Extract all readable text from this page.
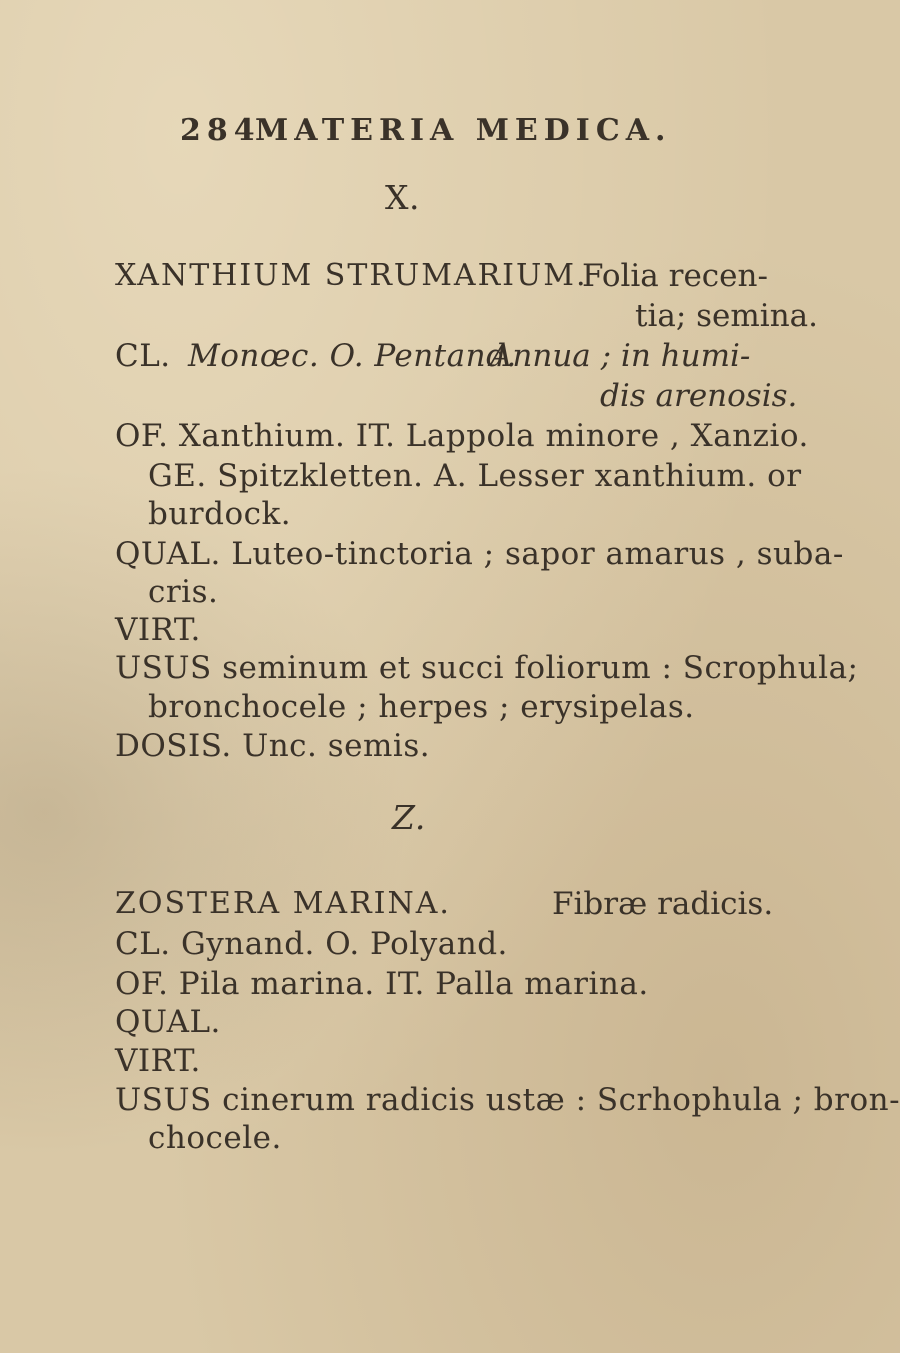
284
MATERIA MEDICA.
X.
XANTHIUM STRUMARIUM.
Folia recen-
tia; semina.
CL. Monœc. O. Pentand.
Annua ; in humi-
dis arenosis.
OF. Xanthium. IT. Lappola minore , Xanzio.
GE. Spitzkletten. A. Lesser xanthium. or
burdock.
QUAL. Luteo-tinctoria ; sapor amarus , suba-
cris.
VIRT.
USUS seminum et succi foliorum : Scrophula;
bronchocele ; herpes ; erysipelas.
DOSIS. Unc. semis.
Z.
ZOSTERA MARINA.	Fibræ radicis.
CL. Gynand. O. Polyand.
OF. Pila marina. IT. Palla marina.
QUAL.
VIRT.
USUS cinerum radicis ustæ : Scrhophula ; bron-
chocele.
